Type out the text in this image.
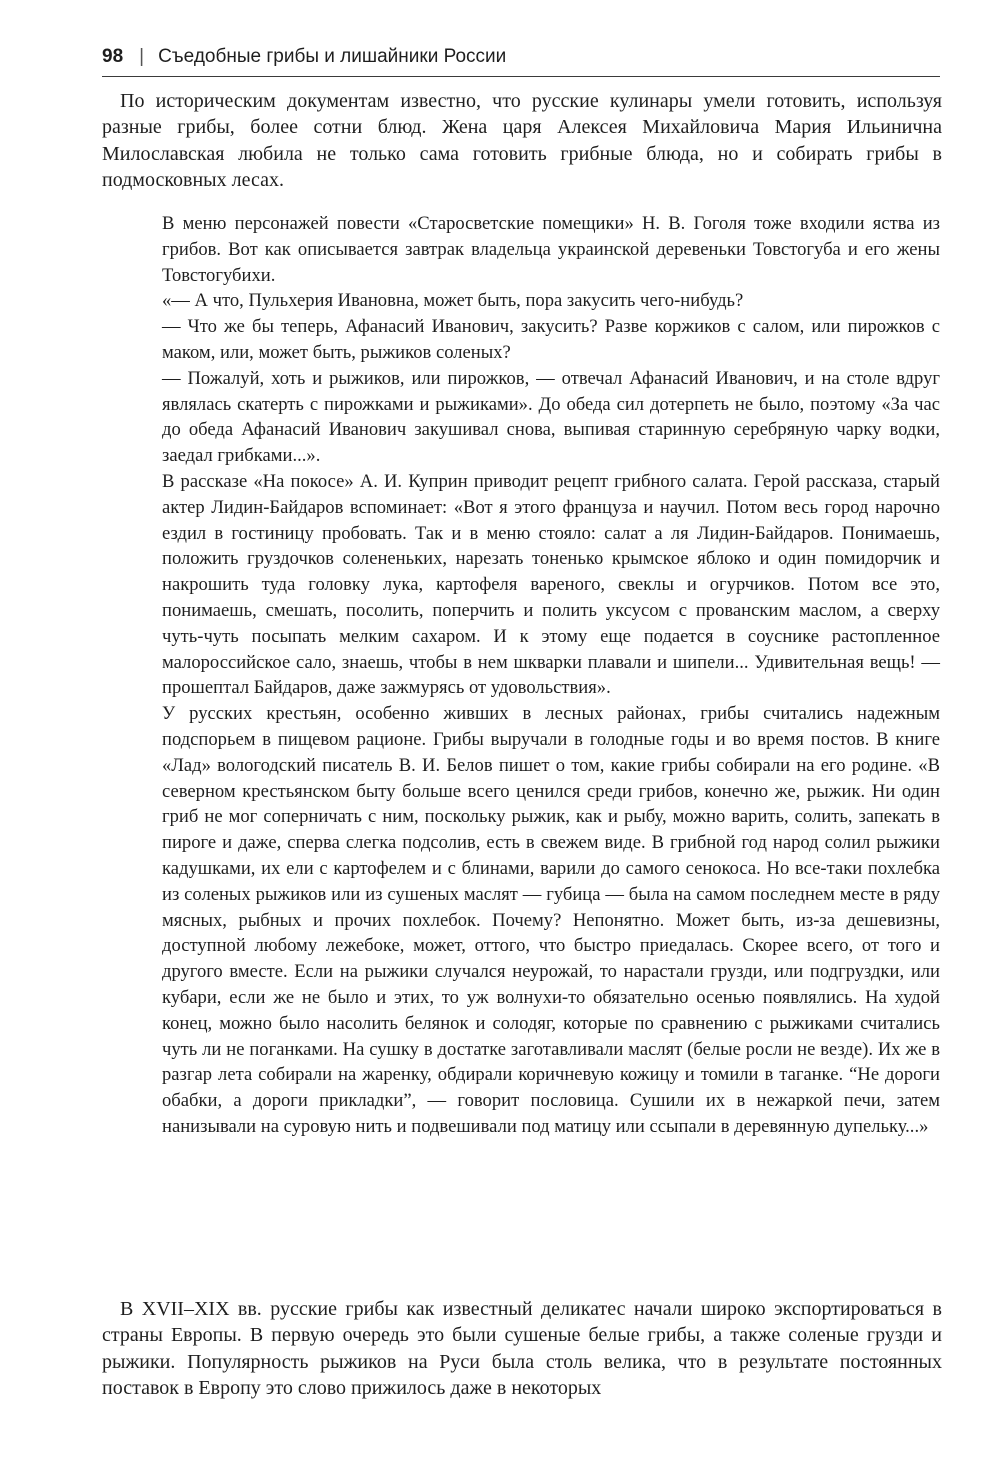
98 | Съедобные грибы и лишайники России

По историческим документам известно, что русские кулинары умели готовить, используя разные грибы, более сотни блюд. Жена царя Алексея Михайловича Мария Ильинична Милославская любила не только сама готовить грибные блюда, но и собирать грибы в подмосковных лесах.

В меню персонажей повести «Старосветские помещики» Н. В. Гоголя тоже входили яства из грибов. Вот как описывается завтрак владельца украинской деревеньки Товстогуба и его жены Товстогубихи.

«— А что, Пульхерия Ивановна, может быть, пора закусить чего-нибудь?

— Что же бы теперь, Афанасий Иванович, закусить? Разве коржиков с салом, или пирожков с маком, или, может быть, рыжиков соленых?

— Пожалуй, хоть и рыжиков, или пирожков, — отвечал Афанасий Иванович, и на столе вдруг являлась скатерть с пирожками и рыжиками». До обеда сил дотерпеть не было, поэтому «За час до обеда Афанасий Иванович закушивал снова, выпивая старинную серебряную чарку водки, заедал грибками...».

В рассказе «На покосе» А. И. Куприн приводит рецепт грибного салата. Герой рассказа, старый актер Лидин-Байдаров вспоминает: «Вот я этого француза и научил. Потом весь город нарочно ездил в гостиницу пробовать. Так и в меню стояло: салат а ля Лидин-Байдаров. Понимаешь, положить груздочков солененьких, нарезать тоненько крымское яблоко и один помидорчик и накрошить туда головку лука, картофеля вареного, свеклы и огурчиков. Потом все это, понимаешь, смешать, посолить, поперчить и полить уксусом с прованским маслом, а сверху чуть-чуть посыпать мелким сахаром. И к этому еще подается в соуснике растопленное малороссийское сало, знаешь, чтобы в нем шкварки плавали и шипели... Удивительная вещь! — прошептал Байдаров, даже зажмурясь от удовольствия».

У русских крестьян, особенно живших в лесных районах, грибы считались надежным подспорьем в пищевом рационе. Грибы выручали в голодные годы и во время постов. В книге «Лад» вологодский писатель В. И. Белов пишет о том, какие грибы собирали на его родине. «В северном крестьянском быту больше всего ценился среди грибов, конечно же, рыжик. Ни один гриб не мог соперничать с ним, поскольку рыжик, как и рыбу, можно варить, солить, запекать в пироге и даже, сперва слегка подсолив, есть в свежем виде. В грибной год народ солил рыжики кадушками, их ели с картофелем и с блинами, варили до самого сенокоса. Но все-таки похлебка из соленых рыжиков или из сушеных маслят — губица — была на самом последнем месте в ряду мясных, рыбных и прочих похлебок. Почему? Непонятно. Может быть, из-за дешевизны, доступной любому лежебоке, может, оттого, что быстро приедалась. Скорее всего, от того и другого вместе. Если на рыжики случался неурожай, то нарастали грузди, или подгруздки, или кубари, если же не было и этих, то уж волнухи-то обязательно осенью появлялись. На худой конец, можно было насолить белянок и солодяг, которые по сравнению с рыжиками считались чуть ли не поганками. На сушку в достатке заготавливали маслят (белые росли не везде). Их же в разгар лета собирали на жаренку, обдирали коричневую кожицу и томили в таганке. “Не дороги обабки, а дороги прикладки”, — говорит пословица. Сушили их в нежаркой печи, затем нанизывали на суровую нить и подвешивали под матицу или ссыпали в деревянную дупельку...»

В XVII–XIX вв. русские грибы как известный деликатес начали широко экспортироваться в страны Европы. В первую очередь это были сушеные белые грибы, а также соленые грузди и рыжики. Популярность рыжиков на Руси была столь велика, что в результате постоянных поставок в Европу это слово прижилось даже в некоторых
